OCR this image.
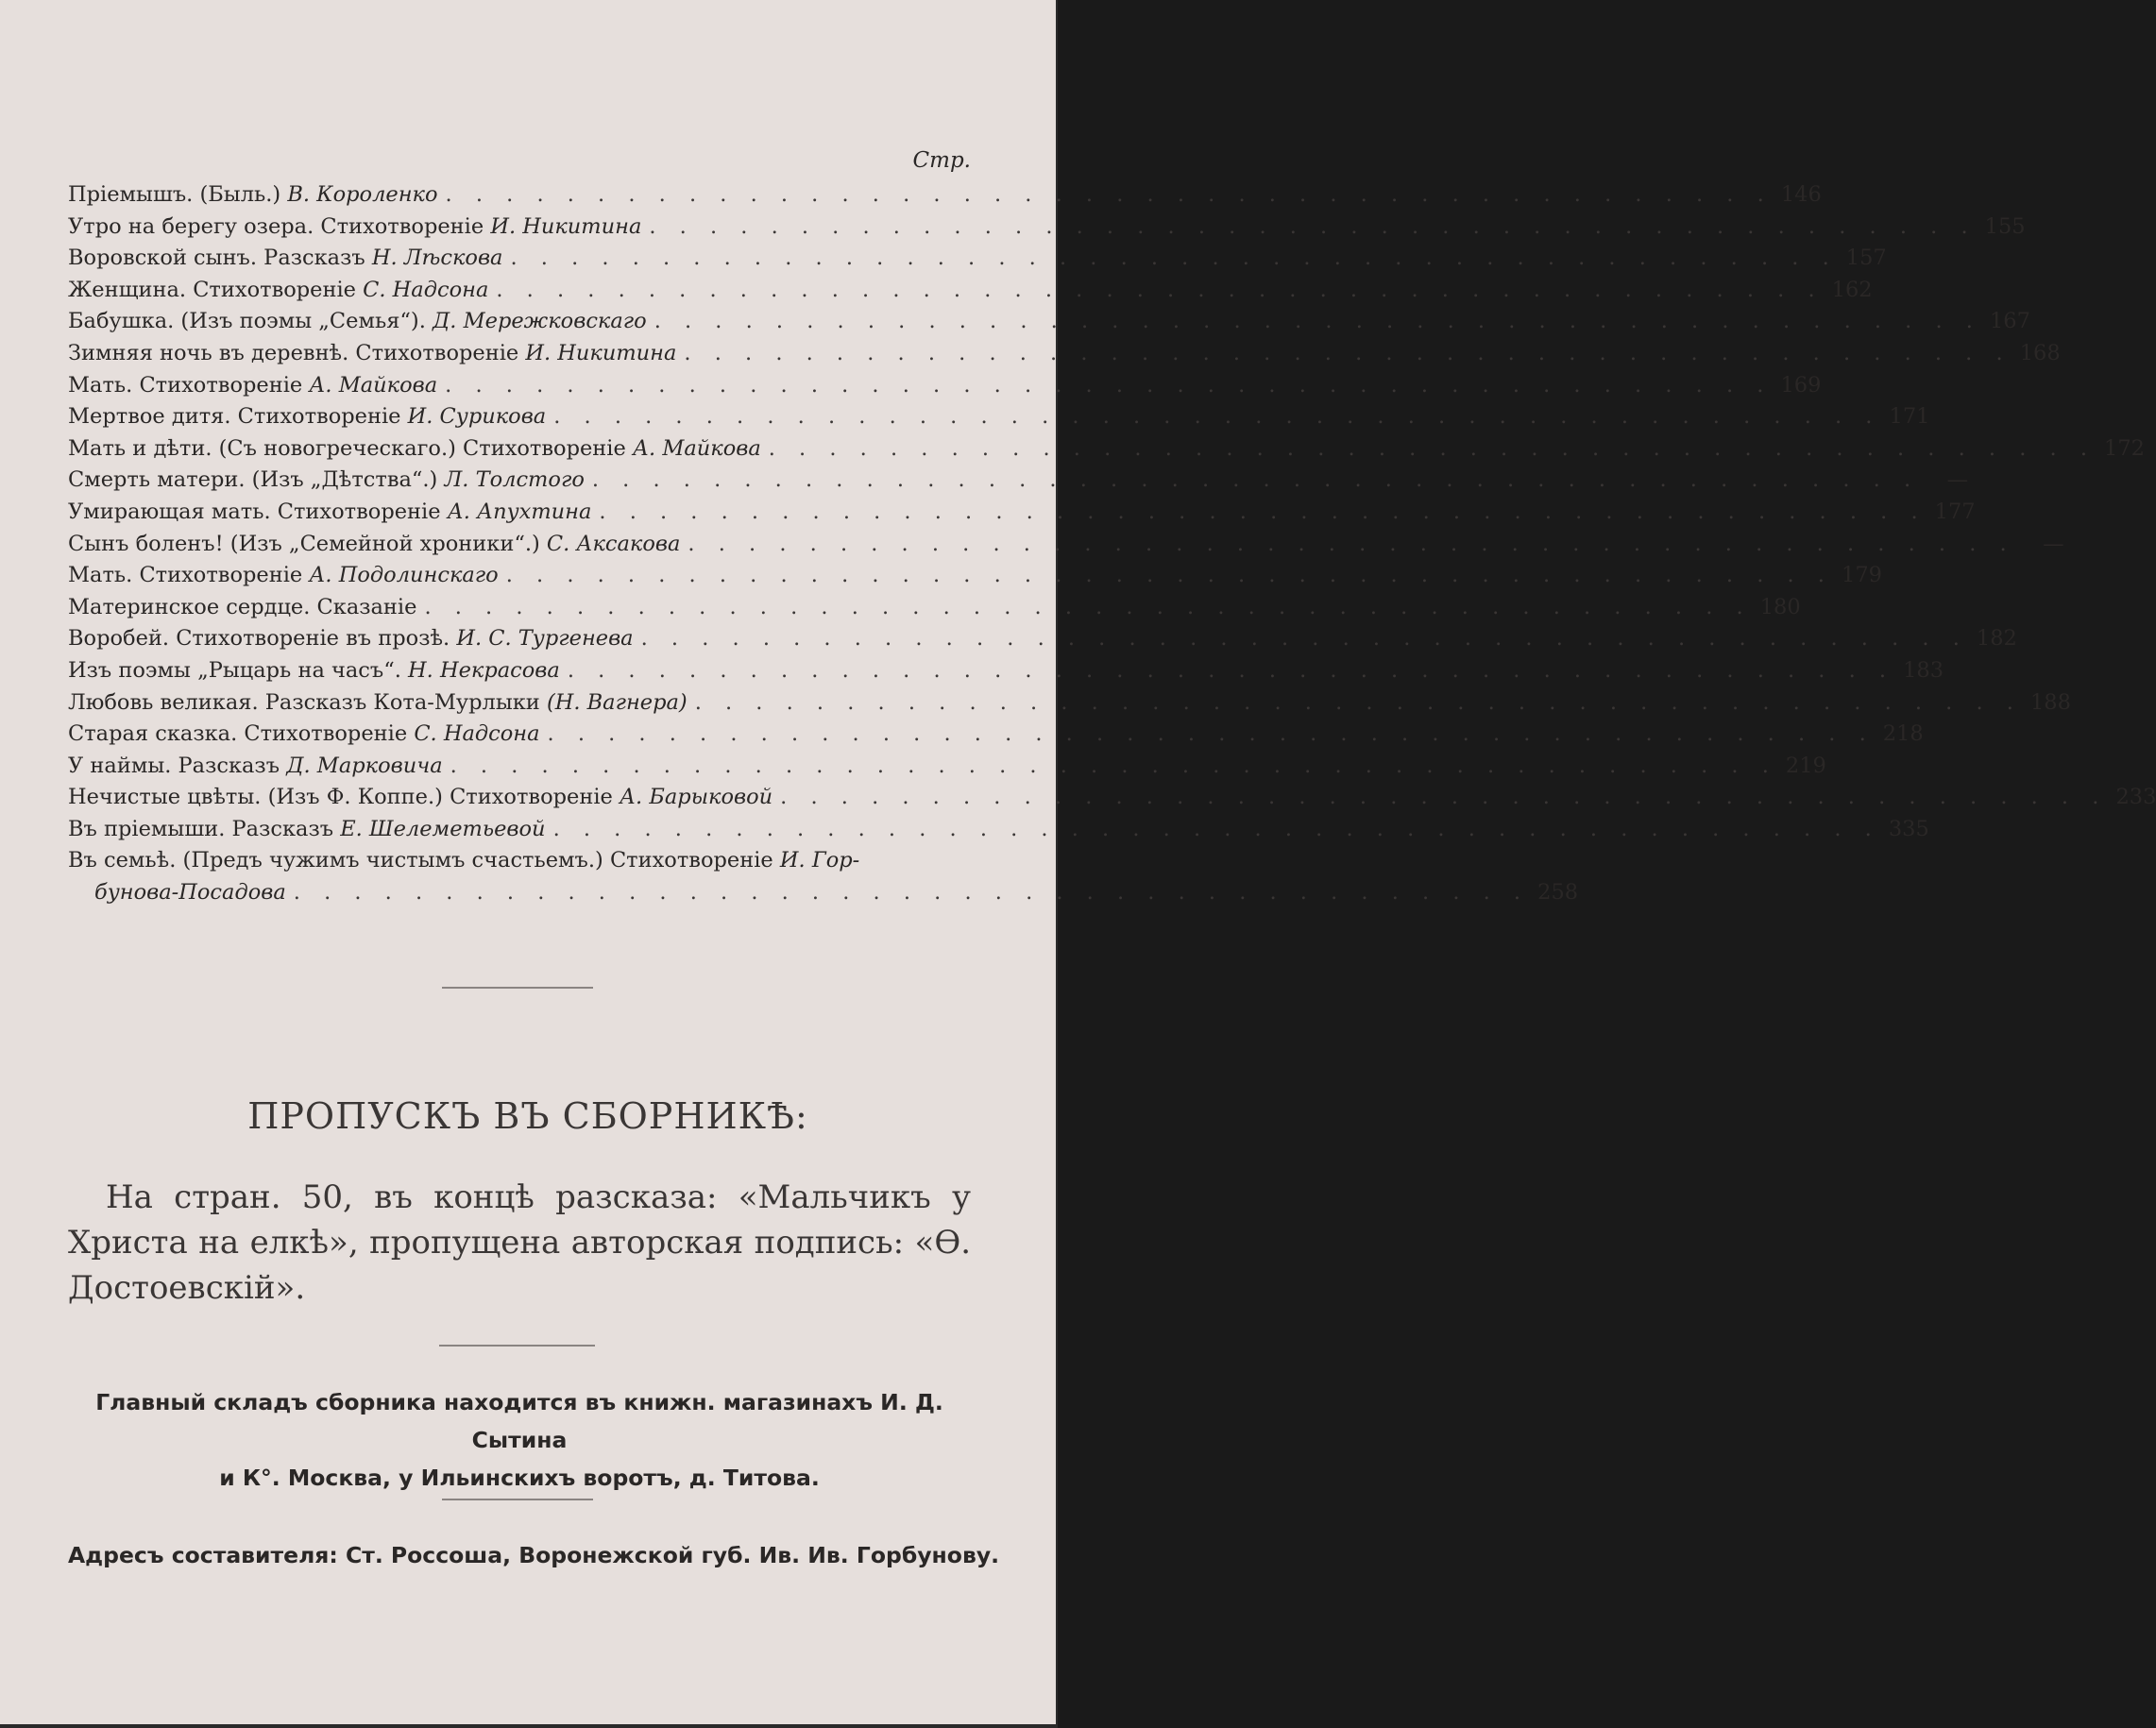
Стр.
Пріемышъ. (Быль.) В. Короленко . . . . . . . . . . . . . . . . . . . . . . . . . . . . . . . . . . . . . . . . . . . . 146
Утро на берегу озера. Стихотвореніе И. Никитина . . . . . . . . . . . . . . . . . . . . . . . . . . . . . . . . . . . . . . . . . . . . 155
Воровской сынъ. Разсказъ Н. Лѣскова . . . . . . . . . . . . . . . . . . . . . . . . . . . . . . . . . . . . . . . . . . . . 157
Женщина. Стихотвореніе С. Надсона . . . . . . . . . . . . . . . . . . . . . . . . . . . . . . . . . . . . . . . . . . . . 162
Бабушка. (Изъ поэмы „Семья“). Д. Мережковскаго . . . . . . . . . . . . . . . . . . . . . . . . . . . . . . . . . . . . . . . . . . . . 167
Зимняя ночь въ деревнѣ. Стихотвореніе И. Никитина . . . . . . . . . . . . . . . . . . . . . . . . . . . . . . . . . . . . . . . . . . . . 168
Мать. Стихотвореніе А. Майкова . . . . . . . . . . . . . . . . . . . . . . . . . . . . . . . . . . . . . . . . . . . . 169
Мертвое дитя. Стихотвореніе И. Сурикова . . . . . . . . . . . . . . . . . . . . . . . . . . . . . . . . . . . . . . . . . . . . 171
Мать и дѣти. (Съ новогреческаго.) Стихотвореніе А. Майкова . . . . . . . . . . . . . . . . . . . . . . . . . . . . . . . . . . . . . . . . . . . . 172
Смерть матери. (Изъ „Дѣтства“.) Л. Толстого . . . . . . . . . . . . . . . . . . . . . . . . . . . . . . . . . . . . . . . . . . . .	—
Умирающая мать. Стихотвореніе А. Апухтина . . . . . . . . . . . . . . . . . . . . . . . . . . . . . . . . . . . . . . . . . . . . 177
Сынъ боленъ! (Изъ „Семейной хроники“.) С. Аксакова . . . . . . . . . . . . . . . . . . . . . . . . . . . . . . . . . . . . . . . . . . . .	—
Мать. Стихотвореніе А. Подолинскаго . . . . . . . . . . . . . . . . . . . . . . . . . . . . . . . . . . . . . . . . . . . . 179
Материнское сердце. Сказаніе . . . . . . . . . . . . . . . . . . . . . . . . . . . . . . . . . . . . . . . . . . . . 180
Воробей. Стихотвореніе въ прозѣ. И. С. Тургенева . . . . . . . . . . . . . . . . . . . . . . . . . . . . . . . . . . . . . . . . . . . . 182
Изъ поэмы „Рыцарь на часъ“. Н. Некрасова . . . . . . . . . . . . . . . . . . . . . . . . . . . . . . . . . . . . . . . . . . . . 183
Любовь великая. Разсказъ Кота-Мурлыки (Н. Вагнера) . . . . . . . . . . . . . . . . . . . . . . . . . . . . . . . . . . . . . . . . . . . . 188
Старая сказка. Стихотвореніе С. Надсона . . . . . . . . . . . . . . . . . . . . . . . . . . . . . . . . . . . . . . . . . . . . 218
У наймы. Разсказъ Д. Марковича . . . . . . . . . . . . . . . . . . . . . . . . . . . . . . . . . . . . . . . . . . . . 219
Нечистые цвѣты. (Изъ Ф. Коппе.) Стихотвореніе А. Барыковой . . . . . . . . . . . . . . . . . . . . . . . . . . . . . . . . . . . . . . . . . . . . 233
Въ пріемыши. Разсказъ Е. Шелеметьевой . . . . . . . . . . . . . . . . . . . . . . . . . . . . . . . . . . . . . . . . . . . . 335
Въ семьѣ. (Предъ чужимъ чистымъ счастьемъ.) Стихотвореніе И. Гор-
бунова-Посадова . . . . . . . . . . . . . . . . . . . . . . . . . . . . . . . . . . . . . . . . . 258
ПРОПУСКЪ ВЪ СБОРНИКѢ:
На стран. 50, въ концѣ разсказа: «Мальчикъ у Христа на елкѣ», пропущена авторская подпись: «Ѳ. Достоевскій».
Главный складъ сборника находится въ книжн. магазинахъ И. Д. Сытина
и К°. Москва, у Ильинскихъ воротъ, д. Титова.
Адресъ составителя: Ст. Россоша, Воронежской губ. Ив. Ив. Горбунову.
